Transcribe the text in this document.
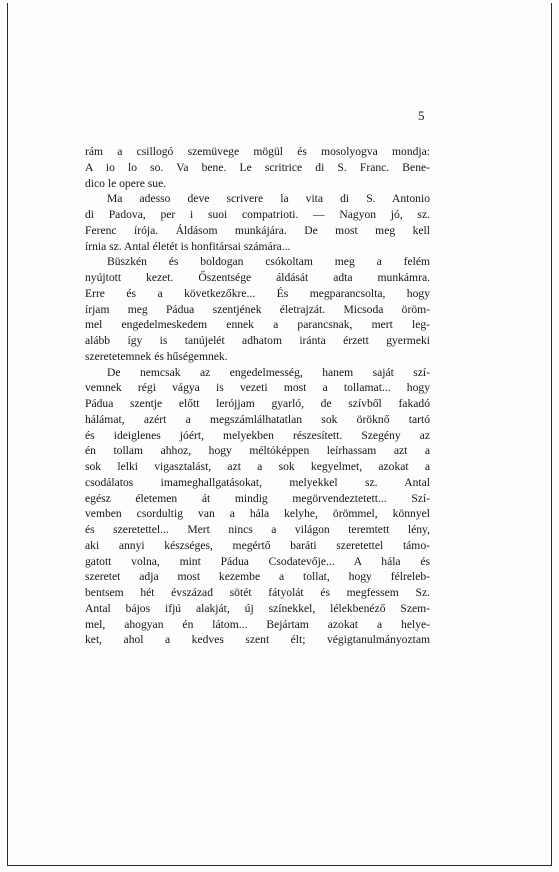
5

rám a csillogó szemüvege mögül és mosolyogva mondja:
A io lo so. Va bene. Le scritrice di S. Franc. Bene-
dico le opere sue.

Ma adesso deve scrivere la vita di S. Antonio
di Padova, per i suoi compatrioti. — Nagyon jó, sz.
Ferenc írója. Áldásom munkájára. De most meg kell
írnia sz. Antal életét is honfitársai számára...

Büszkén és boldogan csókoltam meg a felém
nyújtott kezet. Őszentsége áldását adta munkámra.
Erre és a következőkre... És megparancsolta, hogy
írjam meg Pádua szentjének életrajzát. Micsoda öröm-
mel engedelmeskedem ennek a parancsnak, mert leg-
alább így is tanújelét adhatom iránta érzett gyermeki
szeretetemnek és hűségemnek.

De nemcsak az engedelmesség, hanem saját szí-
vemnek régi vágya is vezeti most a tollamat... hogy
Pádua szentje előtt lerójjam gyarló, de szívből fakadó
hálámat, azért a megszámlálhatatlan sok öröknő tartó
és ideiglenes jóért, melyekben részesített. Szegény az
én tollam ahhoz, hogy méltóképpen leírhassam azt a
sok lelki vigasztalást, azt a sok kegyelmet, azokat a
csodálatos imameghallgatásokat, melyekkel sz. Antal
egész életemen át mindig megörvendeztetett... Szí-
vemben csordultig van a hála kelyhe, örömmel, könnyel
és szeretettel... Mert nincs a világon teremtett lény,
aki annyi készséges, megértő baráti szeretettel támo-
gatott volna, mint Pádua Csodatevője... A hála és
szeretet adja most kezembe a tollat, hogy félreleb-
bentsem hét évszázad sötét fátyolát és megfessem Sz.
Antal bájos ifjú alakját, új színekkel, lélekbenéző Szem-
mel, ahogyan én látom... Bejártam azokat a helye-
ket, ahol a kedves szent élt; végigtanulmányoztam
